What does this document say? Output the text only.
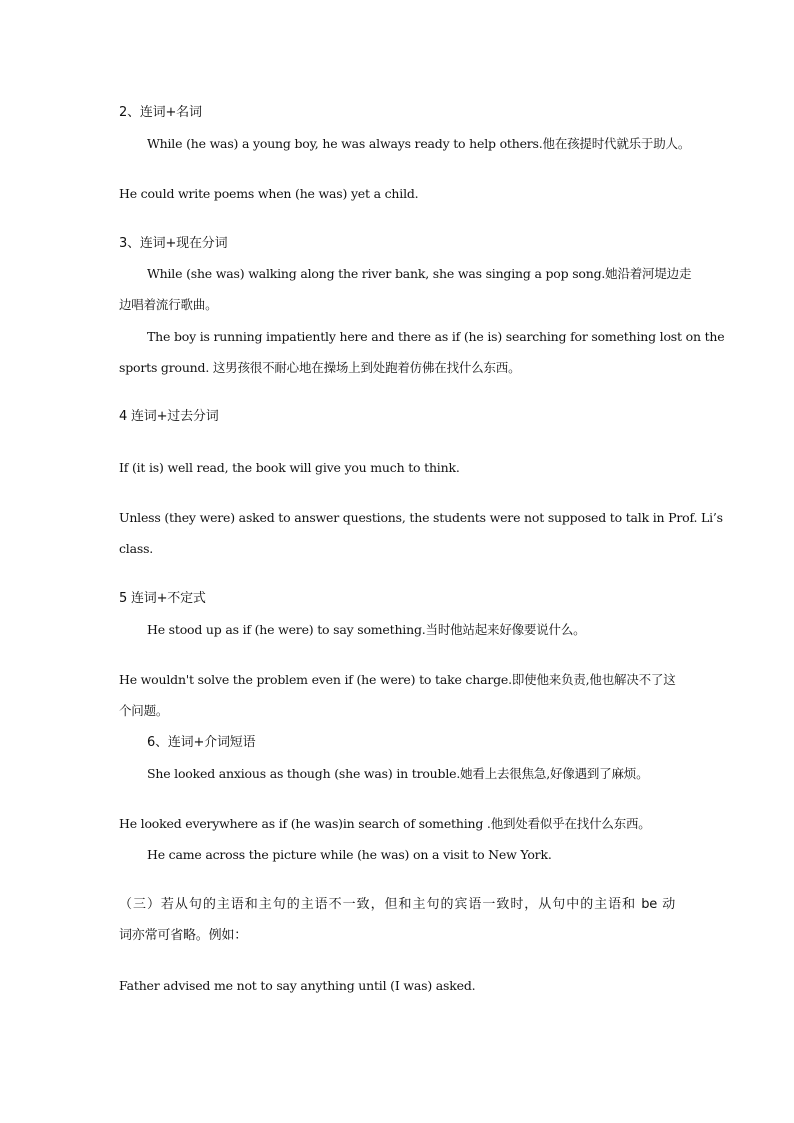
2、连词+名词
While (he was) a young boy, he was always ready to help others.他在孩提时代就乐于助人。
He could write poems when (he was) yet a child.
3、连词+现在分词
While (she was) walking along the river bank, she was singing a pop song.她沿着河堤边走
边唱着流行歌曲。
The boy is running impatiently here and there as if (he is) searching for something lost on the
sports ground. 这男孩很不耐心地在操场上到处跑着仿佛在找什么东西。
4 连词+过去分词
If (it is) well read, the book will give you much to think.
Unless (they were) asked to answer questions, the students were not supposed to talk in Prof. Li’s
class.
5 连词+不定式
He stood up as if (he were) to say something.当时他站起来好像要说什么。
He wouldn't solve the problem even if (he were) to take charge.即使他来负责,他也解决不了这
个问题。
6、连词+介词短语
She looked anxious as though (she was) in trouble.她看上去很焦急,好像遇到了麻烦。
He looked everywhere as if (he was)in search of something .他到处看似乎在找什么东西。
He came across the picture while (he was) on a visit to New York.
（三）若从句的主语和主句的主语不一致，但和主句的宾语一致时，从句中的主语和 be 动
词亦常可省略。例如：
Father advised me not to say anything until (I was) asked.
